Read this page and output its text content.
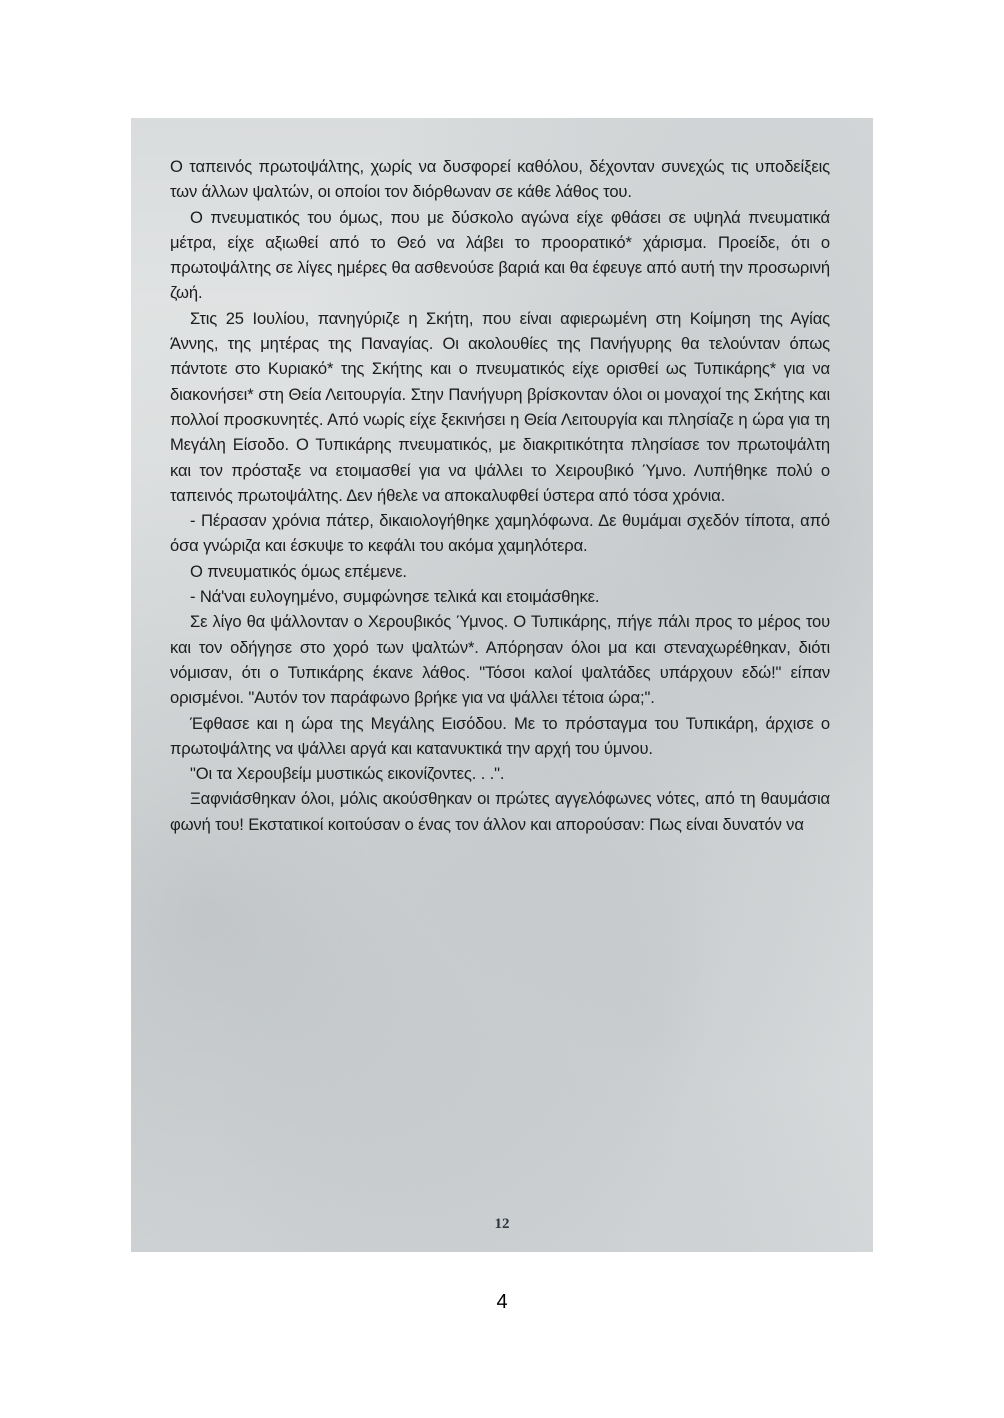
Ο ταπεινός πρωτοψάλτης, χωρίς να δυσφορεί καθόλου, δέχονταν συνεχώς τις υποδείξεις των άλλων ψαλτών, οι οποίοι τον διόρθωναν σε κάθε λάθος του.

Ο πνευματικός του όμως, που με δύσκολο αγώνα είχε φθάσει σε υψηλά πνευματικά μέτρα, είχε αξιωθεί από το Θεό να λάβει το προορατικό* χάρισμα. Προείδε, ότι ο πρωτοψάλτης σε λίγες ημέρες θα ασθενούσε βαριά και θα έφευγε από αυτή την προσωρινή ζωή.

Στις 25 Ιουλίου, πανηγύριζε η Σκήτη, που είναι αφιερωμένη στη Κοίμηση της Αγίας Άννης, της μητέρας της Παναγίας. Οι ακολουθίες της Πανήγυρης θα τελούνταν όπως πάντοτε στο Κυριακό* της Σκήτης και ο πνευματικός είχε ορισθεί ως Τυπικάρης* για να διακονήσει* στη Θεία Λειτουργία. Στην Πανήγυρη βρίσκονταν όλοι οι μοναχοί της Σκήτης και πολλοί προσκυνητές. Από νωρίς είχε ξεκινήσει η Θεία Λειτουργία και πλησίαζε η ώρα για τη Μεγάλη Είσοδο. Ο Τυπικάρης πνευματικός, με διακριτικότητα πλησίασε τον πρωτοψάλτη και τον πρόσταξε να ετοιμασθεί για να ψάλλει το Χειρουβικό Ύμνο. Λυπήθηκε πολύ ο ταπεινός πρωτοψάλτης. Δεν ήθελε να αποκαλυφθεί ύστερα από τόσα χρόνια.

- Πέρασαν χρόνια πάτερ, δικαιολογήθηκε χαμηλόφωνα. Δε θυμάμαι σχεδόν τίποτα, από όσα γνώριζα και έσκυψε το κεφάλι του ακόμα χαμηλότερα.

Ο πνευματικός όμως επέμενε.

- Νά'ναι ευλογημένο, συμφώνησε τελικά και ετοιμάσθηκε.

Σε λίγο θα ψάλλονταν ο Χερουβικός Ύμνος. Ο Τυπικάρης, πήγε πάλι προς το μέρος του και τον οδήγησε στο χορό των ψαλτών*. Απόρησαν όλοι μα και στεναχωρέθηκαν, διότι νόμισαν, ότι ο Τυπικάρης έκανε λάθος. "Τόσοι καλοί ψαλτάδες υπάρχουν εδώ!" είπαν ορισμένοι. "Αυτόν τον παράφωνο βρήκε για να ψάλλει τέτοια ώρα;".

Έφθασε και η ώρα της Μεγάλης Εισόδου. Με το πρόσταγμα του Τυπικάρη, άρχισε ο πρωτοψάλτης να ψάλλει αργά και κατανυκτικά την αρχή του ύμνου.

"Οι τα Χερουβείμ μυστικώς εικονίζοντες. . .".

Ξαφνιάσθηκαν όλοι, μόλις ακούσθηκαν οι πρώτες αγγελόφωνες νότες, από τη θαυμάσια φωνή του! Εκστατικοί κοιτούσαν ο ένας τον άλλον και απορούσαν: Πως είναι δυνατόν να

12
4
